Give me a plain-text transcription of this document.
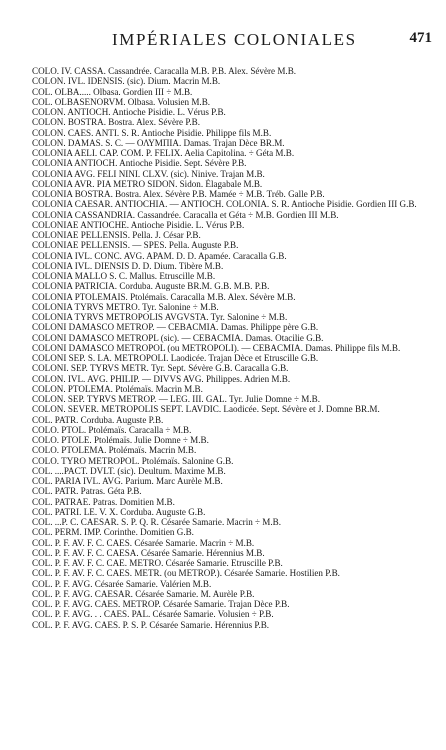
IMPÉRIALES COLONIALES	471
COLO. IV. CASSA. Cassandrée. Caracalla M.B. P.B. Alex. Sévère M.B.
COLON. IVL. IDENSIS. (sic). Dium. Macrin M.B.
COL. OLBA..... Olbasa. Gordien III ÷ M.B.
COL. OLBASENORVM. Olbasa. Volusien M.B.
COLON. ANTIOCH. Antioche Pisidie. L. Vérus P.B.
COLON. BOSTRA. Bostra. Alex. Sévère P.B.
COLON. CAES. ANTI. S. R. Antioche Pisidie. Philippe fils M.B.
COLON. DAMAS. S. C. — ΟΛΥΜΠΙΑ. Damas. Trajan Dèce BR.M.
COLONIA AELI. CAP. COM. P. FELIX. Aelia Capitolina. ÷ Géta M.B.
COLONIA ANTIOCH. Antioche Pisidie. Sept. Sévère P.B.
COLONIA AVG. FELI NINI. CLXV. (sic). Ninive. Trajan M.B.
COLONIA AVR. PIA METRO SIDON. Sidon. Élagabale M.B.
COLONIA BOSTRA. Bostra. Alex. Sévère P.B. Mamée ÷ M.B. Tréb. Galle P.B.
COLONIA CAESAR. ANTIOCHIA. — ANTIOCH. COLONIA. S. R. Antioche Pisidie. Gordien III G.B.
COLONIA CASSANDRIA. Cassandrée. Caracalla et Géta ÷ M.B. Gordien III M.B.
COLONIAE ANTIOCHE. Antioche Pisidie. L. Vérus P.B.
COLONIAE PELLENSIS. Pella. J. César P.B.
COLONIAE PELLENSIS. — SPES. Pella. Auguste P.B.
COLONIA IVL. CONC. AVG. APAM. D. D. Apamée. Caracalla G.B.
COLONIA IVL. DIENSIS D. D. Dium. Tibère M.B.
COLONIA MALLO S. C. Mallus. Etruscille M.B.
COLONIA PATRICIA. Corduba. Auguste BR.M. G.B. M.B. P.B.
COLONIA PTOLEMAIS. Ptolémaïs. Caracalla M.B. Alex. Sévère M.B.
COLONIA TYRVS METRO. Tyr. Salonine ÷ M.B.
COLONIA TYRVS METROPOLIS AVGVSTA. Tyr. Salonine ÷ M.B.
COLONI DAMASCO METROP. — CEBACMIA. Damas. Philippe père G.B.
COLONI DAMASCO METROPL (sic). — CEBACMIA. Damas. Otacilie G.B.
COLONI DAMASCO METROPOL (ou METROPOLI). — CEBACMIA. Damas. Philippe fils M.B.
COLONI SEP. S. LA. METROPOLI. Laodicée. Trajan Dèce et Etruscille G.B.
COLONI. SEP. TYRVS METR. Tyr. Sept. Sévère G.B. Caracalla G.B.
COLON. IVL. AVG. PHILIP. — DIVVS AVG. Philippes. Adrien M.B.
COLON. PTOLEMA. Ptolémaïs. Macrin M.B.
COLON. SEP. TYRVS METROP. — LEG. III. GAL. Tyr. Julie Domne ÷ M.B.
COLON. SEVER. METROPOLIS SEPT. LAVDIC. Laodicée. Sept. Sévère et J. Domne BR.M.
COL. PATR. Corduba. Auguste P.B.
COLO. PTOL. Ptolémaïs. Caracalla ÷ M.B.
COLO. PTOLE. Ptolémaïs. Julie Domne ÷ M.B.
COLO. PTOLEMA. Ptolémaïs. Macrin M.B.
COLO. TYRO METROPOL. Ptolémaïs. Salonine G.B.
COL. ....PACT. DVLT. (sic). Deultum. Maxime M.B.
COL. PARIA IVL. AVG. Parium. Marc Aurèle M.B.
COL. PATR. Patras. Géta P.B.
COL. PATRAE. Patras. Domitien M.B.
COL. PATRI. LE. V. X. Corduba. Auguste G.B.
COL. ...P. C. CAESAR. S. P. Q. R. Césarée Samarie. Macrin ÷ M.B.
COL. PERM. IMP. Corinthe. Domitien G.B.
COL. P. F. AV. F. C. CAES. Césarée Samarie. Macrin ÷ M.B.
COL. P. F. AV. F. C. CAESA. Césarée Samarie. Hérennius M.B.
COL. P. F. AV. F. C. CAE. METRO. Césarée Samarie. Etruscille P.B.
COL. P. F. AV. F. C. CAES. METR. (ou METROP.). Césarée Samarie. Hostilien P.B.
COL. P. F. AVG. Césarée Samarie. Valérien M.B.
COL. P. F. AVG. CAESAR. Césarée Samarie. M. Aurèle P.B.
COL. P. F. AVG. CAES. METROP. Césarée Samarie. Trajan Dèce P.B.
COL. P. F. AVG. . . CAES. PAL. Césarée Samarie. Volusien ÷ P.B.
COL. P. F. AVG. CAES. P. S. P. Césarée Samarie. Hérennius P.B.
